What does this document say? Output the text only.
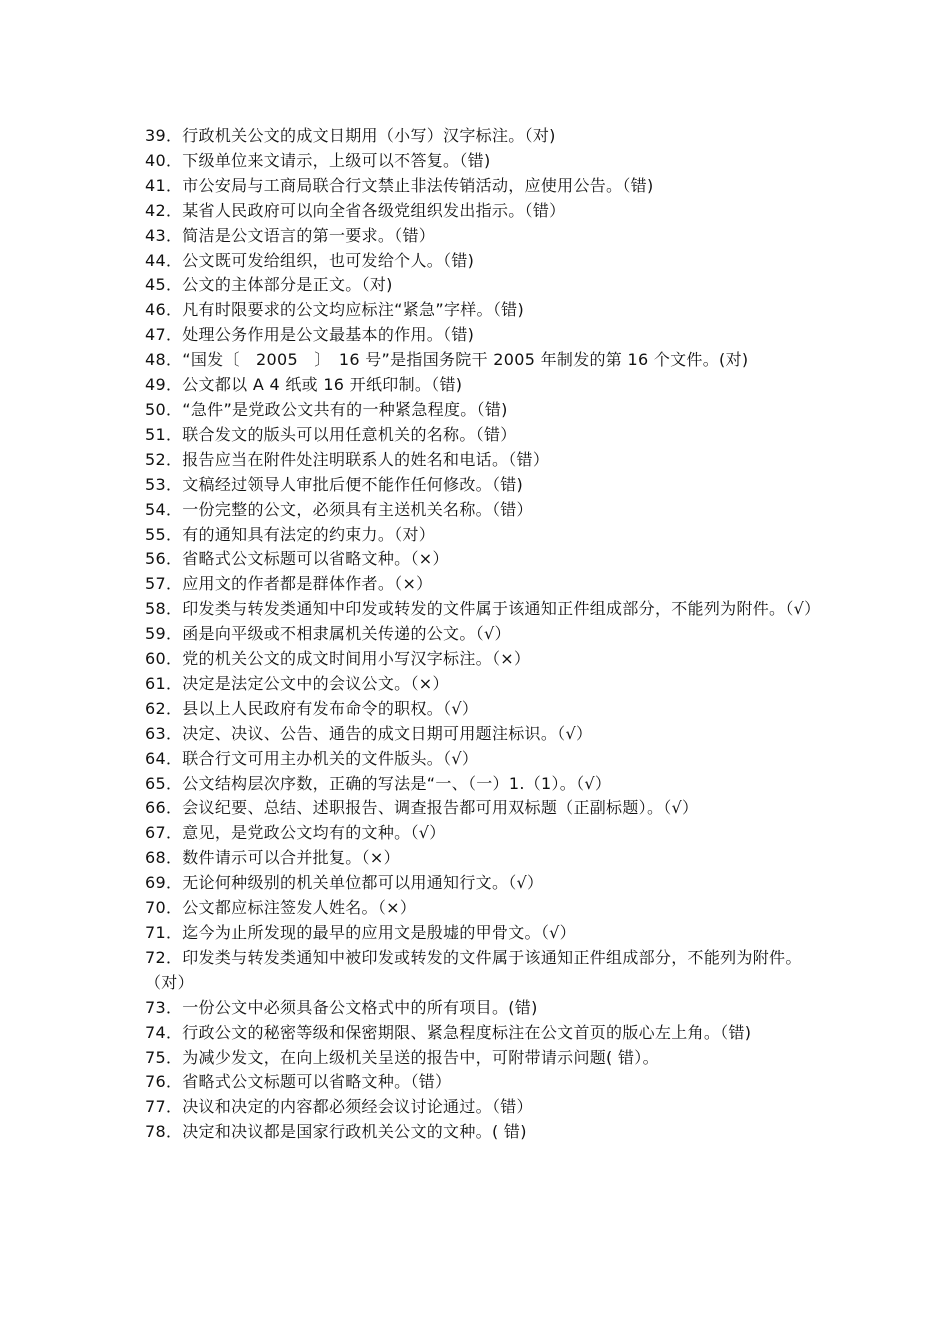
39．行政机关公文的成文日期用（小写）汉字标注。（对)
40．下级单位来文请示，上级可以不答复。（错)
41．市公安局与工商局联合行文禁止非法传销活动，应使用公告。（错)
42．某省人民政府可以向全省各级党组织发出指示。（错）
43．简洁是公文语言的第一要求。（错）
44．公文既可发给组织，也可发给个人。（错)
45．公文的主体部分是正文。（对)
46．凡有时限要求的公文均应标注“紧急”字样。（错)
47．处理公务作用是公文最基本的作用。（错)
48．“国发〔　2005　〕　16 号”是指国务院干 2005 年制发的第 16 个文件。(对)
49．公文都以 A 4 纸或 16 开纸印制。（错)
50．“急件”是党政公文共有的一种紧急程度。（错)
51．联合发文的版头可以用任意机关的名称。（错）
52．报告应当在附件处注明联系人的姓名和电话。（错）
53．文稿经过领导人审批后便不能作任何修改。（错)
54．一份完整的公文，必须具有主送机关名称。（错）
55．有的通知具有法定的约束力。（对）
56．省略式公文标题可以省略文种。（×）
57．应用文的作者都是群体作者。（×）
58．印发类与转发类通知中印发或转发的文件属于该通知正件组成部分，不能列为附件。（√）
59．函是向平级或不相隶属机关传递的公文。（√）
60．党的机关公文的成文时间用小写汉字标注。（×）
61．决定是法定公文中的会议公文。（×）
62．县以上人民政府有发布命令的职权。（√）
63．决定、决议、公告、通告的成文日期可用题注标识。（√）
64．联合行文可用主办机关的文件版头。（√）
65．公文结构层次序数，正确的写法是“一、（一）1.（1）。（√）
66．会议纪要、总结、述职报告、调查报告都可用双标题（正副标题）。（√）
67．意见，是党政公文均有的文种。（√）
68．数件请示可以合并批复。（×）
69．无论何种级别的机关单位都可以用通知行文。（√）
70．公文都应标注签发人姓名。（×）
71．迄今为止所发现的最早的应用文是殷墟的甲骨文。（√）
72．印发类与转发类通知中被印发或转发的文件属于该通知正件组成部分，不能列为附件。（对）
73．一份公文中必须具备公文格式中的所有项目。(错)
74．行政公文的秘密等级和保密期限、紧急程度标注在公文首页的版心左上角。（错)
75．为减少发文，在向上级机关呈送的报告中，可附带请示问题( 错）。
76．省略式公文标题可以省略文种。（错）
77．决议和决定的内容都必须经会议讨论通过。（错）
78．决定和决议都是国家行政机关公文的文种。( 错)
